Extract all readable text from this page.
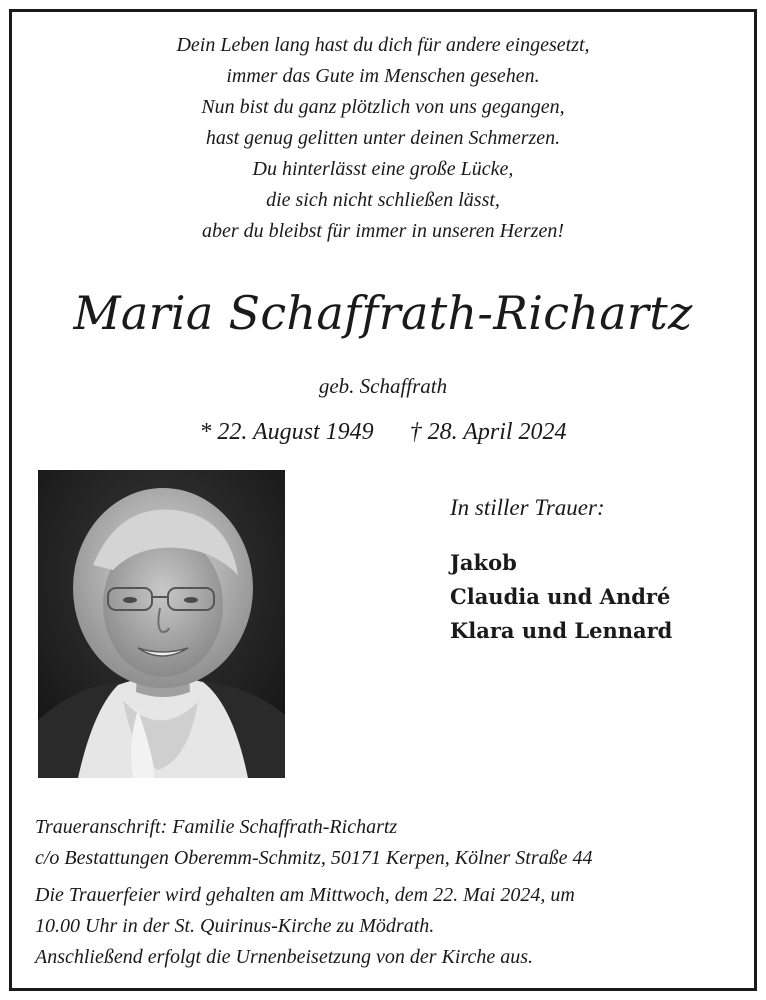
Dein Leben lang hast du dich für andere eingesetzt,
immer das Gute im Menschen gesehen.
Nun bist du ganz plötzlich von uns gegangen,
hast genug gelitten unter deinen Schmerzen.
Du hinterlässt eine große Lücke,
die sich nicht schließen lässt,
aber du bleibst für immer in unseren Herzen!
Maria Schaffrath-Richartz
geb. Schaffrath
* 22. August 1949 † 28. April 2024
In stiller Trauer:
Jakob
Claudia und André
Klara und Lennard
Traueranschrift: Familie Schaffrath-Richartz
c/o Bestattungen Oberemm-Schmitz, 50171 Kerpen, Kölner Straße 44
Die Trauerfeier wird gehalten am Mittwoch, dem 22. Mai 2024, um
10.00 Uhr in der St. Quirinus-Kirche zu Mödrath.
Anschließend erfolgt die Urnenbeisetzung von der Kirche aus.
